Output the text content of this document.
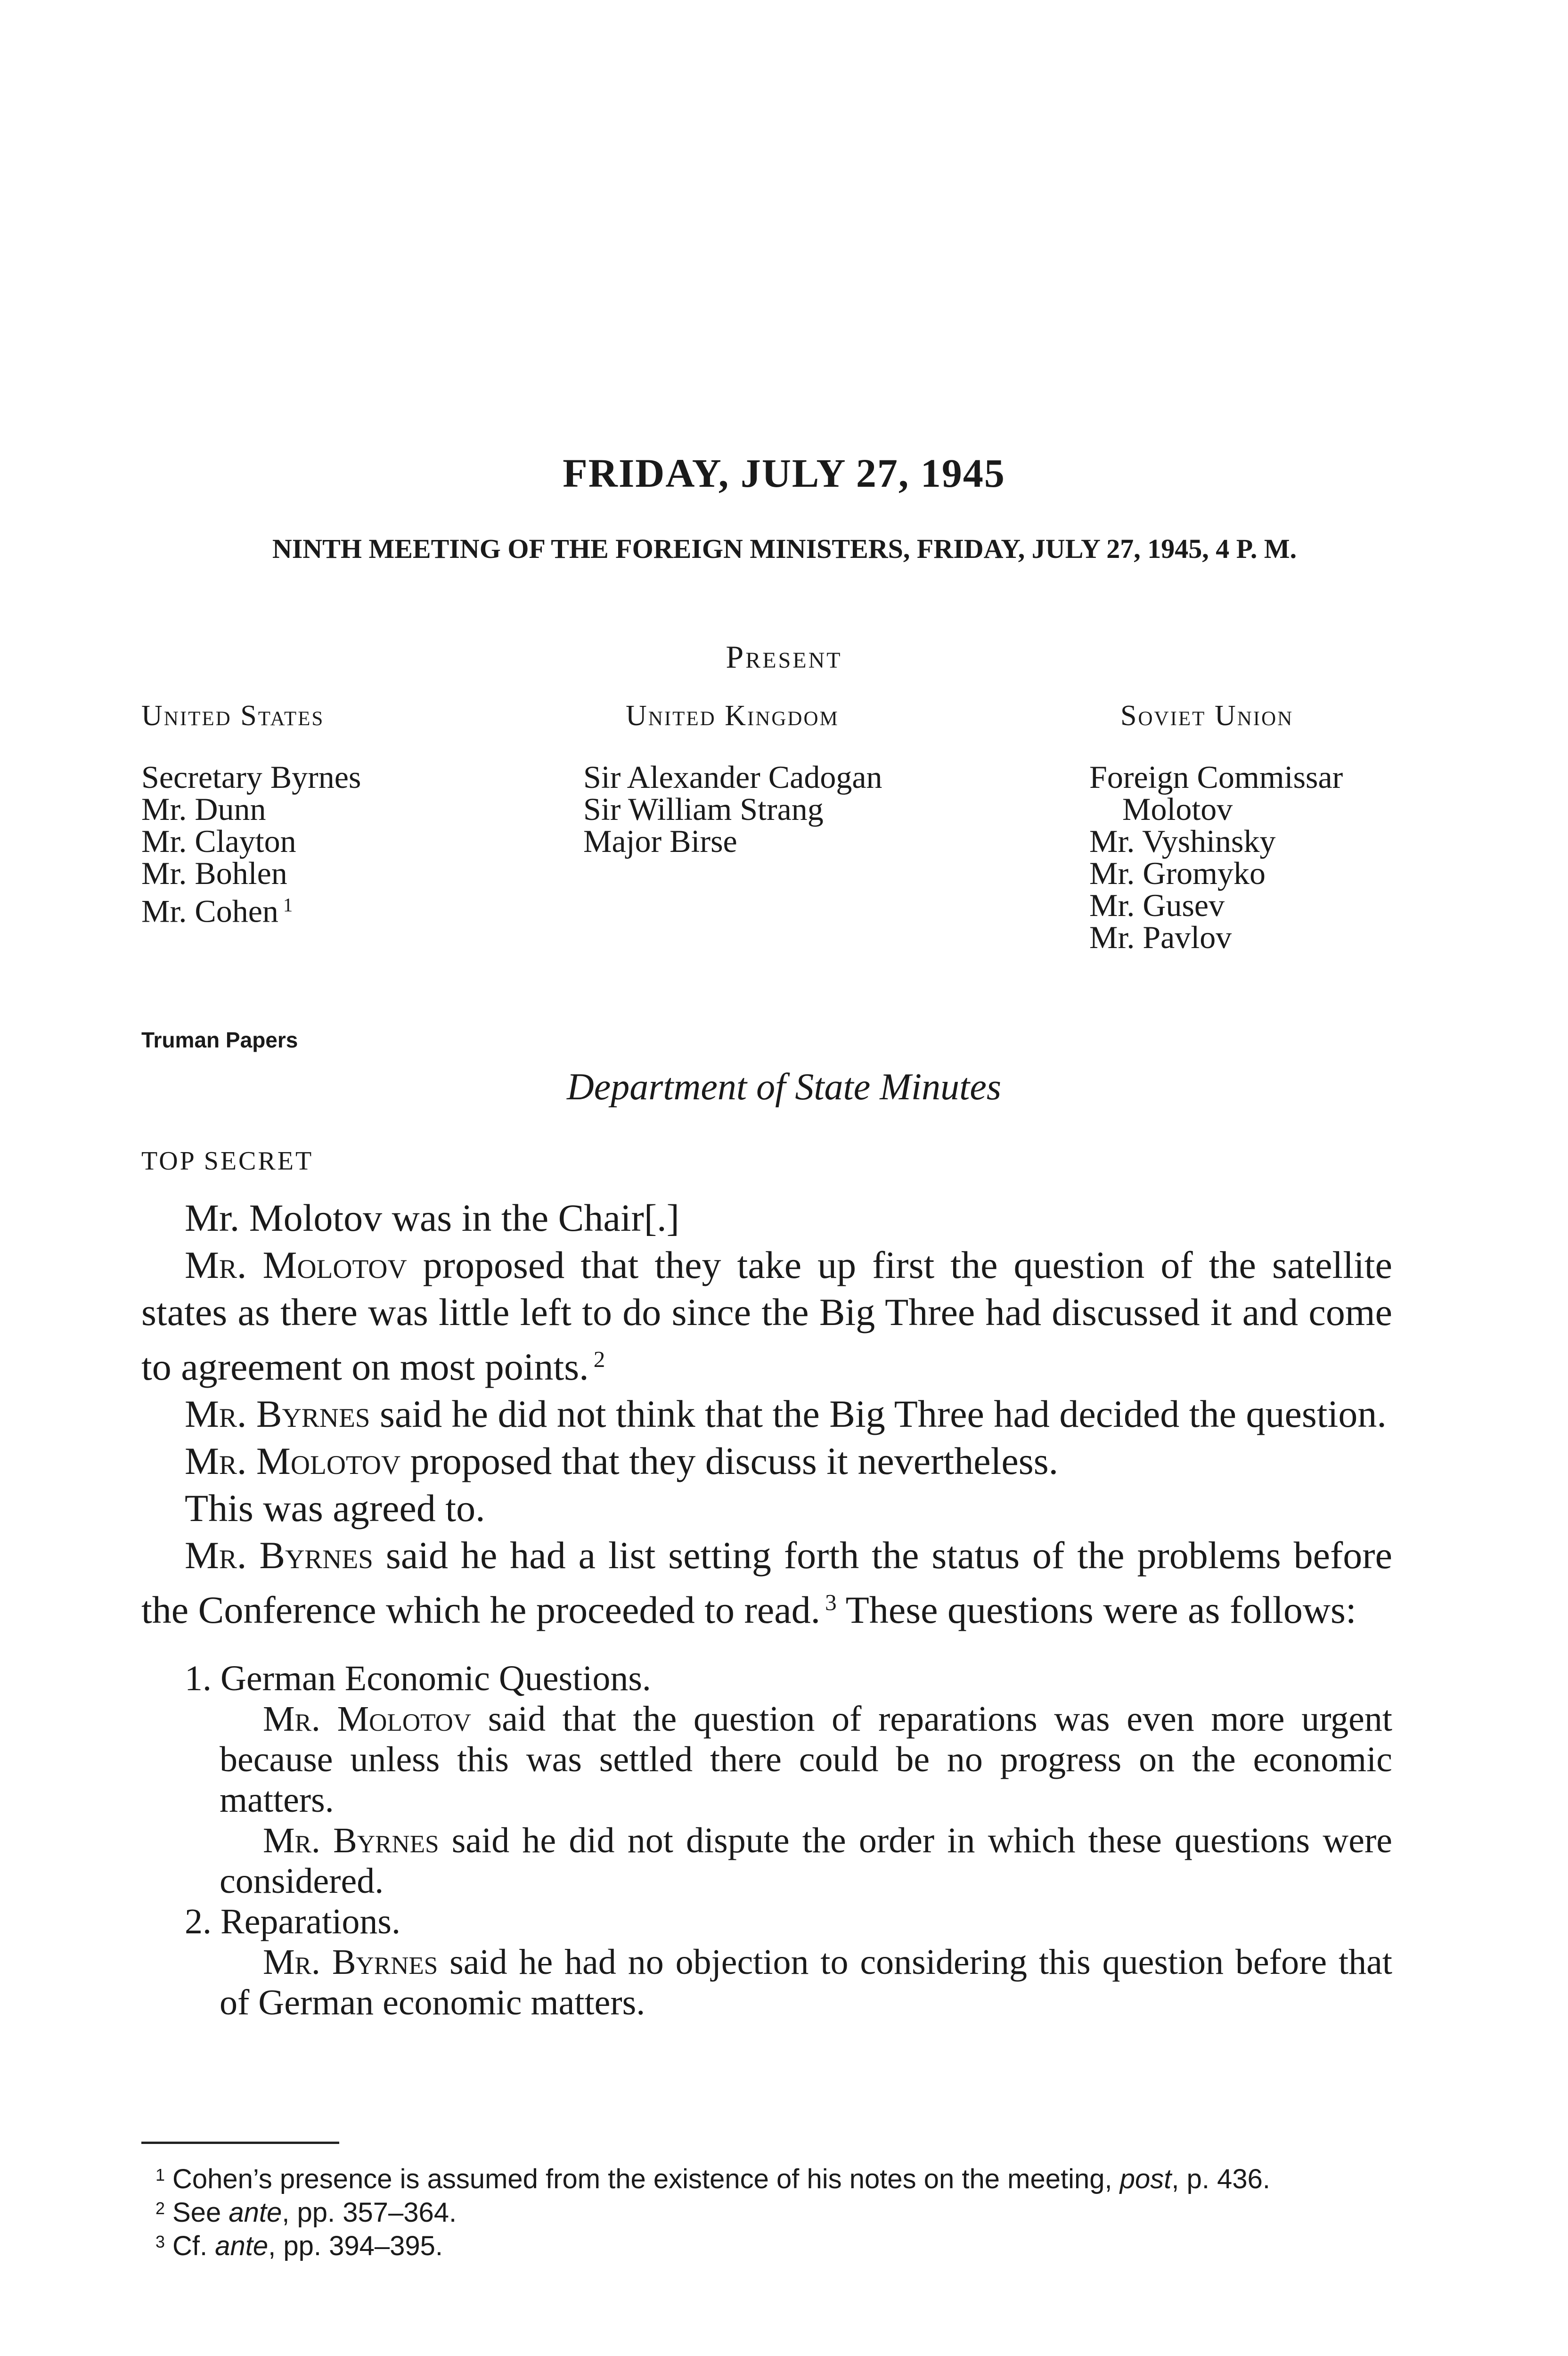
FRIDAY, JULY 27, 1945
NINTH MEETING OF THE FOREIGN MINISTERS, FRIDAY, JULY 27, 1945, 4 P. M.
Present
United States
Secretary Byrnes
Mr. Dunn
Mr. Clayton
Mr. Bohlen
Mr. Cohen $^1$
United Kingdom
Sir Alexander Cadogan
Sir William Strang
Major Birse
Soviet Union
Foreign Commissar
Molotov
Mr. Vyshinsky
Mr. Gromyko
Mr. Gusev
Mr. Pavlov
Truman Papers
Department of State Minutes
TOP SECRET

Mr. Molotov was in the Chair[.]

Mr. Molotov proposed that they take up first the question of the satellite states as there was little left to do since the Big Three had discussed it and come to agreement on most points. $^2$

Mr. Byrnes said he did not think that the Big Three had decided the question.

Mr. Molotov proposed that they discuss it nevertheless.

This was agreed to.

Mr. Byrnes said he had a list setting forth the status of the problems before the Conference which he proceeded to read. $^3$ These questions were as follows:

1. German Economic Questions.

Mr. Molotov said that the question of reparations was even more urgent because unless this was settled there could be no progress on the economic matters.

Mr. Byrnes said he did not dispute the order in which these questions were considered.

2. Reparations.

Mr. Byrnes said he had no objection to considering this question before that of German economic matters.

$^1$ Cohen’s presence is assumed from the existence of his notes on the meeting, post, p. 436.

$^2$ See ante, pp. 357–364.

$^3$ Cf. ante, pp. 394–395.
